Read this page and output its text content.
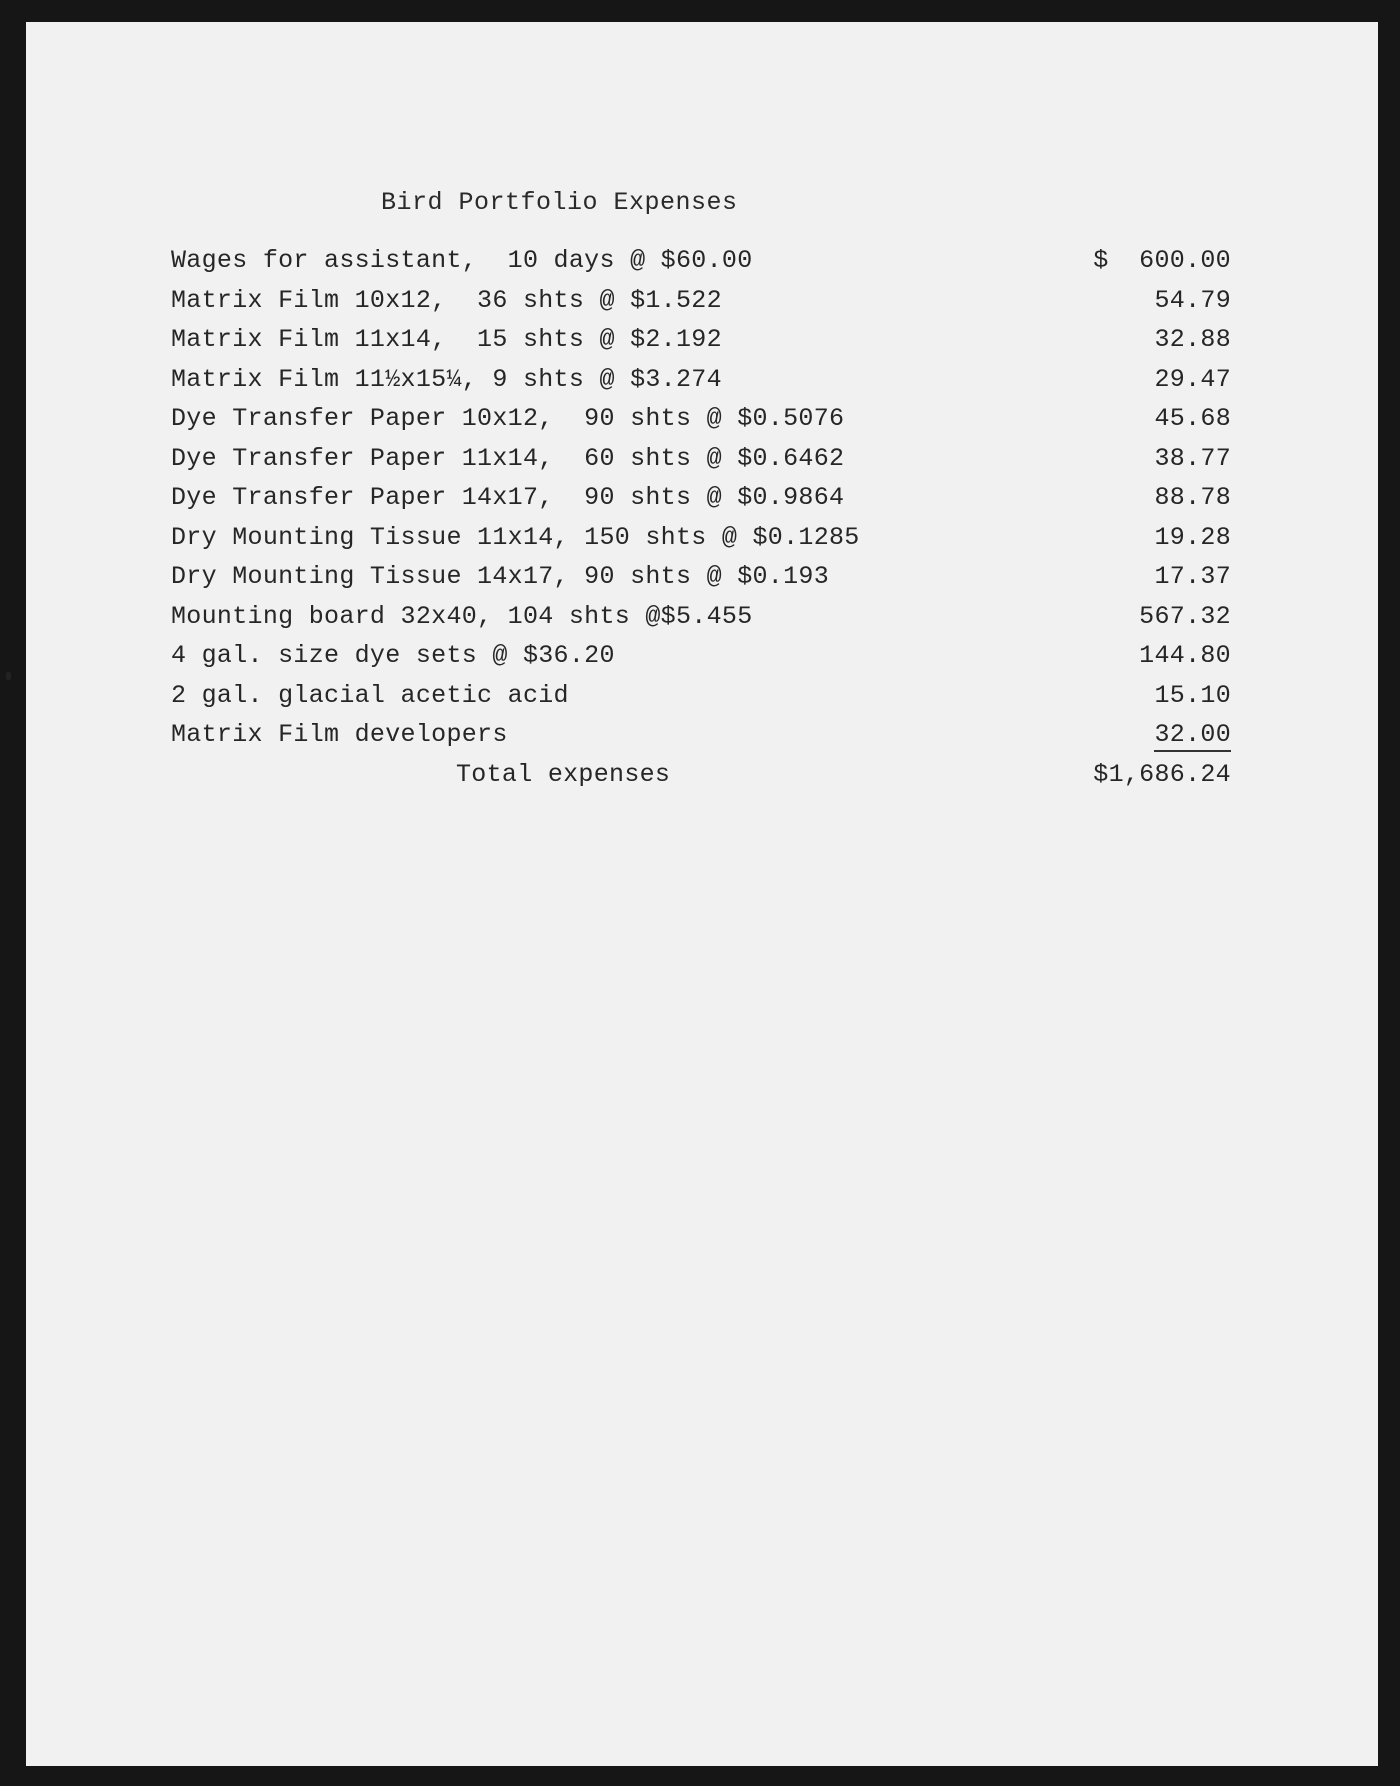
Bird Portfolio Expenses
Wages for assistant,  10 days @ $60.00	$  600.00
Matrix Film 10x12,  36 shts @ $1.522	54.79
Matrix Film 11x14,  15 shts @ $2.192	32.88
Matrix Film 11½x15¼, 9 shts @ $3.274	29.47
Dye Transfer Paper 10x12,  90 shts @ $0.5076	45.68
Dye Transfer Paper 11x14,  60 shts @ $0.6462	38.77
Dye Transfer Paper 14x17,  90 shts @ $0.9864	88.78
Dry Mounting Tissue 11x14, 150 shts @ $0.1285	19.28
Dry Mounting Tissue 14x17, 90 shts @ $0.193	17.37
Mounting board 32x40, 104 shts @$5.455	567.32
4 gal. size dye sets @ $36.20	144.80
2 gal. glacial acetic acid	15.10
Matrix Film developers	32.00
Total expenses	$1,686.24
